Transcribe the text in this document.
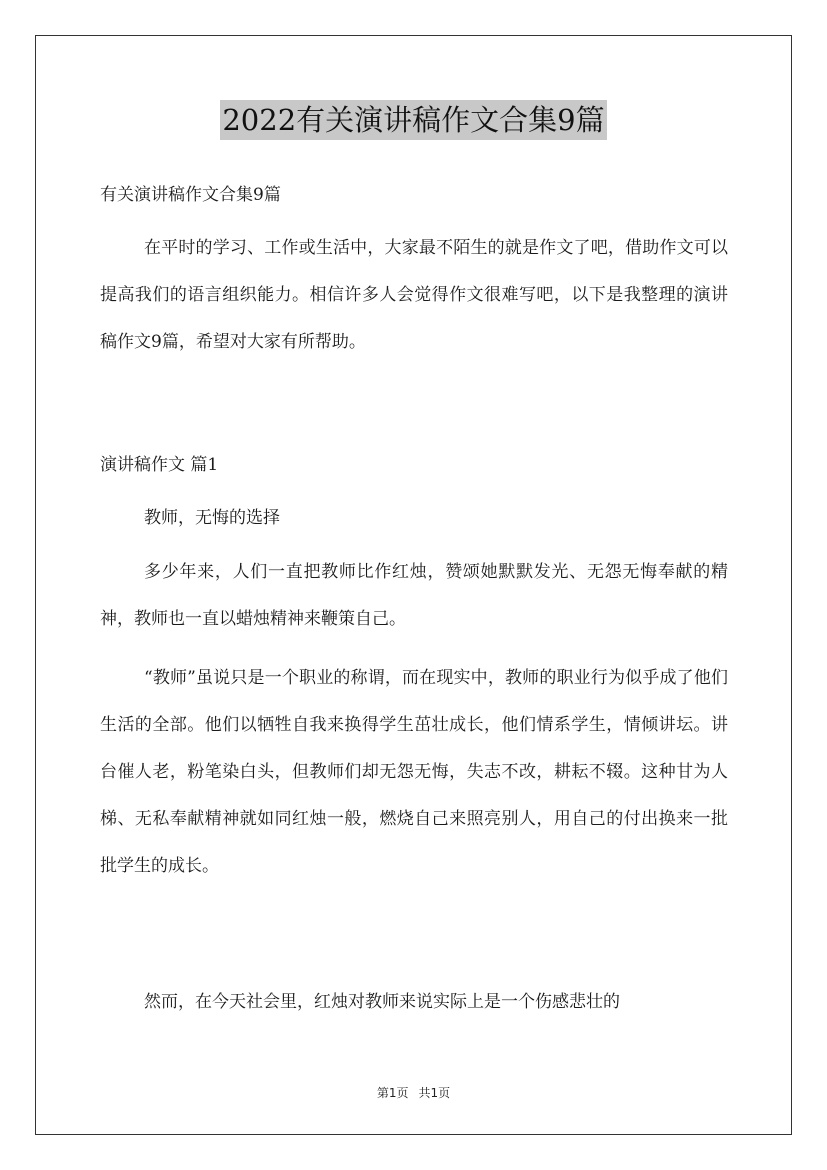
2022有关演讲稿作文合集9篇
有关演讲稿作文合集9篇

在平时的学习、工作或生活中，大家最不陌生的就是作文了吧，借助作文可以提高我们的语言组织能力。相信许多人会觉得作文很难写吧，以下是我整理的演讲稿作文9篇，希望对大家有所帮助。

演讲稿作文 篇1

教师，无悔的选择

多少年来，人们一直把教师比作红烛，赞颂她默默发光、无怨无悔奉献的精神，教师也一直以蜡烛精神来鞭策自己。

“教师”虽说只是一个职业的称谓，而在现实中，教师的职业行为似乎成了他们生活的全部。他们以牺牲自我来换得学生茁壮成长，他们情系学生，情倾讲坛。讲台催人老，粉笔染白头，但教师们却无怨无悔，失志不改，耕耘不辍。这种甘为人梯、无私奉献精神就如同红烛一般，燃烧自己来照亮别人，用自己的付出换来一批批学生的成长。

然而，在今天社会里，红烛对教师来说实际上是一个伤感悲壮的

第1页 共1页
